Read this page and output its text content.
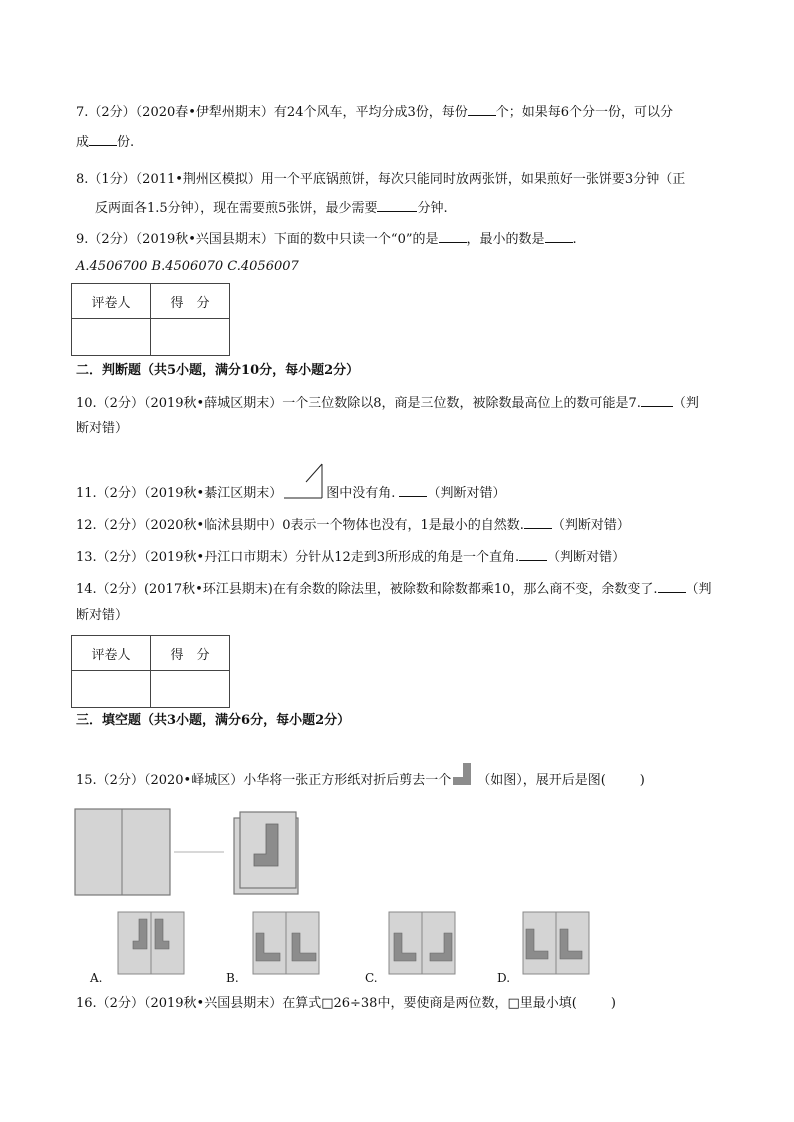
7.（2分）（2020春•伊犁州期末）有24个风车，平均分成3份，每份 个；如果每6个分一份，可以分
成 份.
8.（1分）（2011•荆州区模拟）用一个平底锅煎饼，每次只能同时放两张饼，如果煎好一张饼要3分钟（正
反两面各1.5分钟），现在需要煎5张饼，最少需要	分钟.
9.（2分）（2019秋•兴国县期末）下面的数中只读一个“0”的是 ，最小的数是 .
A.4506700 B.4506070 C.4056007
评卷人	得　分

二．判断题（共5小题，满分10分，每小题2分）
10.（2分）（2019秋•薛城区期末）一个三位数除以8，商是三位数，被除数最高位上的数可能是7. （判
断对错）
11.（2分）（2019秋•綦江区期末）	图中没有角. （判断对错）
12.（2分）（2020秋•临沭县期中）0表示一个物体也没有，1是最小的自然数. （判断对错）
13.（2分）（2019秋•丹江口市期末）分针从12走到3所形成的角是一个直角. （判断对错）
14.（2分）(2017秋•环江县期末)在有余数的除法里，被除数和除数都乘10，那么商不变，余数变了. （判
断对错）
评卷人	得　分

三．填空题（共3小题，满分6分，每小题2分）
15.（2分）（2020•峄城区）小华将一张正方形纸对折后剪去一个 （如图），展开后是图(	)
A.	B.	C.	D.
16.（2分）（2019秋•兴国县期末）在算式□26÷38中，要使商是两位数，□里最小填(	)
